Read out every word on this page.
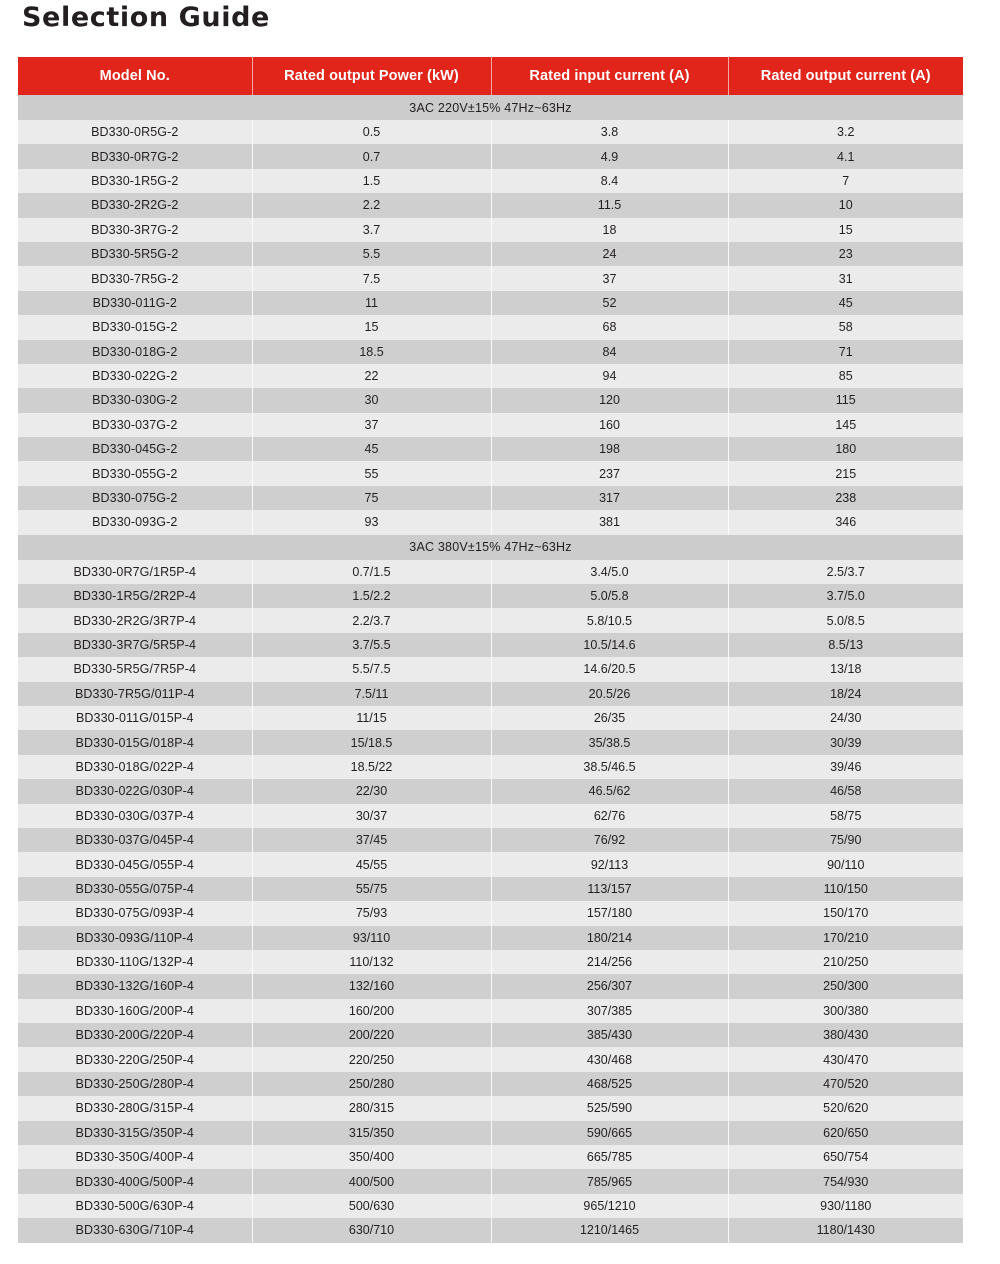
Selection Guide
Model No.	Rated output Power (kW)	Rated input current (A)	Rated output current (A)
3AC 220V±15% 47Hz~63Hz			
BD330-0R5G-2	0.5	3.8	3.2
BD330-0R7G-2	0.7	4.9	4.1
BD330-1R5G-2	1.5	8.4	7
BD330-2R2G-2	2.2	11.5	10
BD330-3R7G-2	3.7	18	15
BD330-5R5G-2	5.5	24	23
BD330-7R5G-2	7.5	37	31
BD330-011G-2	11	52	45
BD330-015G-2	15	68	58
BD330-018G-2	18.5	84	71
BD330-022G-2	22	94	85
BD330-030G-2	30	120	115
BD330-037G-2	37	160	145
BD330-045G-2	45	198	180
BD330-055G-2	55	237	215
BD330-075G-2	75	317	238
BD330-093G-2	93	381	346
3AC 380V±15% 47Hz~63Hz			
BD330-0R7G/1R5P-4	0.7/1.5	3.4/5.0	2.5/3.7
BD330-1R5G/2R2P-4	1.5/2.2	5.0/5.8	3.7/5.0
BD330-2R2G/3R7P-4	2.2/3.7	5.8/10.5	5.0/8.5
BD330-3R7G/5R5P-4	3.7/5.5	10.5/14.6	8.5/13
BD330-5R5G/7R5P-4	5.5/7.5	14.6/20.5	13/18
BD330-7R5G/011P-4	7.5/11	20.5/26	18/24
BD330-011G/015P-4	11/15	26/35	24/30
BD330-015G/018P-4	15/18.5	35/38.5	30/39
BD330-018G/022P-4	18.5/22	38.5/46.5	39/46
BD330-022G/030P-4	22/30	46.5/62	46/58
BD330-030G/037P-4	30/37	62/76	58/75
BD330-037G/045P-4	37/45	76/92	75/90
BD330-045G/055P-4	45/55	92/113	90/110
BD330-055G/075P-4	55/75	113/157	110/150
BD330-075G/093P-4	75/93	157/180	150/170
BD330-093G/110P-4	93/110	180/214	170/210
BD330-110G/132P-4	110/132	214/256	210/250
BD330-132G/160P-4	132/160	256/307	250/300
BD330-160G/200P-4	160/200	307/385	300/380
BD330-200G/220P-4	200/220	385/430	380/430
BD330-220G/250P-4	220/250	430/468	430/470
BD330-250G/280P-4	250/280	468/525	470/520
BD330-280G/315P-4	280/315	525/590	520/620
BD330-315G/350P-4	315/350	590/665	620/650
BD330-350G/400P-4	350/400	665/785	650/754
BD330-400G/500P-4	400/500	785/965	754/930
BD330-500G/630P-4	500/630	965/1210	930/1180
BD330-630G/710P-4	630/710	1210/1465	1180/1430
